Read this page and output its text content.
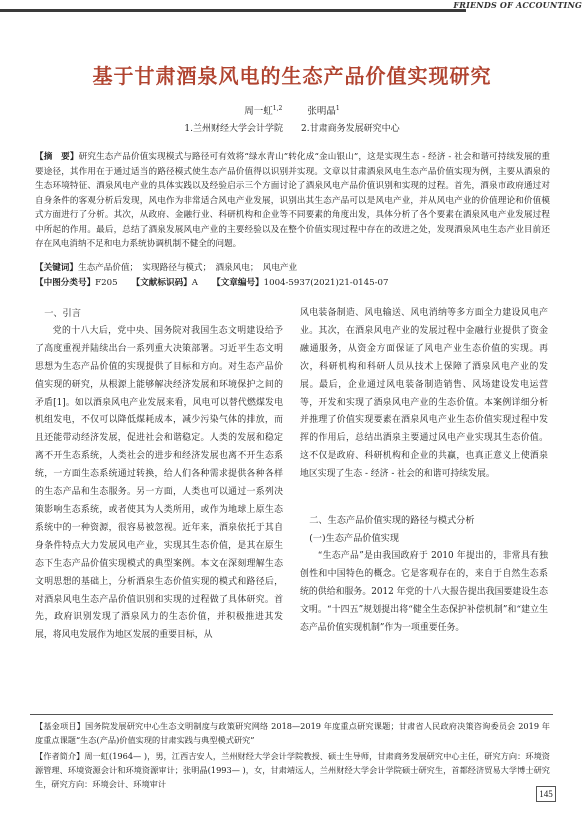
FRIENDS OF ACCOUNTING
基于甘肃酒泉风电的生态产品价值实现研究
周一虹$^{1,2}$   	张明晶$^1$
1.兰州财经大学会计学院　　2.甘肃商务发展研究中心
【摘　要】研究生态产品价值实现模式与路径可有效将“绿水青山”转化成“金山银山”，这是实现生态 - 经济 - 社会和谐可持续发展的重要途径，其作用在于通过适当的路径模式使生态产品价值得以识别并实现。文章以甘肃酒泉风电生态产品价值实现为例，主要从酒泉的生态环境特征、酒泉风电产业的具体实践以及经验启示三个方面讨论了酒泉风电产品价值识别和实现的过程。首先，酒泉市政府通过对自身条件的客观分析后发现，风电作为非常适合风电产业发展，识别出其生态产品可以是风电产业，并从风电产业的价值理论和价值模式方面进行了分析。其次，从政府、金融行业、科研机构和企业等不同要素的角度出发，具体分析了各个要素在酒泉风电产业发展过程中所起的作用。最后，总结了酒泉发展风电产业的主要经验以及在整个价值实现过程中存在的改进之处，发现酒泉风电生态产业目前还存在风电消纳不足和电力系统协调机制不健全的问题。
【关键词】生态产品价值；　实现路径与模式；　酒泉风电；　风电产业
【中图分类号】F205   【文献标识码】A   【文章编号】1004-5937(2021)21-0145-07

一、引言

党的十八大后，党中央、国务院对我国生态文明建设给予了高度重视并陆续出台一系列重大决策部署。习近平生态文明思想为生态产品价值的实现提供了目标和方向。对生态产品价值实现的研究，从根源上能够解决经济发展和环境保护之间的矛盾[1]。如以酒泉风电产业发展来看，风电可以替代燃煤发电机组发电，不仅可以降低煤耗成本，减少污染气体的排放，而且还能带动经济发展，促进社会和谐稳定。人类的发展和稳定离不开生态系统，人类社会的进步和经济发展也离不开生态系统，一方面生态系统通过转换，给人们各种需求提供各种各样的生态产品和生态服务。另一方面，人类也可以通过一系列决策影响生态系统，或者使其为人类所用，或作为地球上原生态系统中的一种资源，很容易被忽视。近年来，酒泉依托于其自身条件特点大力发展风电产业，实现其生态价值，是其在原生态下生态产品价值实现模式的典型案例。本文在深刻理解生态文明思想的基础上，分析酒泉生态价值实现的模式和路径后，对酒泉风电生态产品价值识别和实现的过程做了具体研究。首先，政府识别发现了酒泉风力的生态价值，并积极推进其发展，将风电发展作为地区发展的重要目标，从

风电装备制造、风电输送、风电消纳等多方面全力建设风电产业。其次，在酒泉风电产业的发展过程中金融行业提供了资金融通服务，从资金方面保证了风电产业生态价值的实现。再次，科研机构和科研人员从技术上保障了酒泉风电产业的发展。最后，企业通过风电装备制造销售、风场建设发电运营等，开发和实现了酒泉风电产业的生态价值。本案例详细分析并推理了价值实现要素在酒泉风电产业生态价值实现过程中发挥的作用后，总结出酒泉主要通过风电产业实现其生态价值。这不仅是政府、科研机构和企业的共赢，也真正意义上使酒泉地区实现了生态 - 经济 - 社会的和谐可持续发展。

二、生态产品价值实现的路径与模式分析

(一)生态产品价值实现

“生态产品”是由我国政府于 2010 年提出的，非常具有独创性和中国特色的概念。它是客观存在的，来自于自然生态系统的供给和服务。2012 年党的十八大报告提出我国要建设生态文明。“十四五”规划提出将“健全生态保护补偿机制”和“建立生态产品价值实现机制”作为一项重要任务。

【基金项目】国务院发展研究中心生态文明制度与政策研究网络 2018—2019 年度重点研究课题；甘肃省人民政府决策咨询委员会 2019 年度重点课题“生态(产品)价值实现的甘肃实践与典型模式研究”
【作者简介】周一虹(1964— )，男，江西吉安人，兰州财经大学会计学院教授、硕士生导师，甘肃商务发展研究中心主任，研究方向：环境资源管理、环境资源会计和环境资源审计；张明晶(1993— )，女，甘肃靖远人，兰州财经大学会计学院硕士研究生，首都经济贸易大学博士研究生，研究方向：环境会计、环境审计
145
